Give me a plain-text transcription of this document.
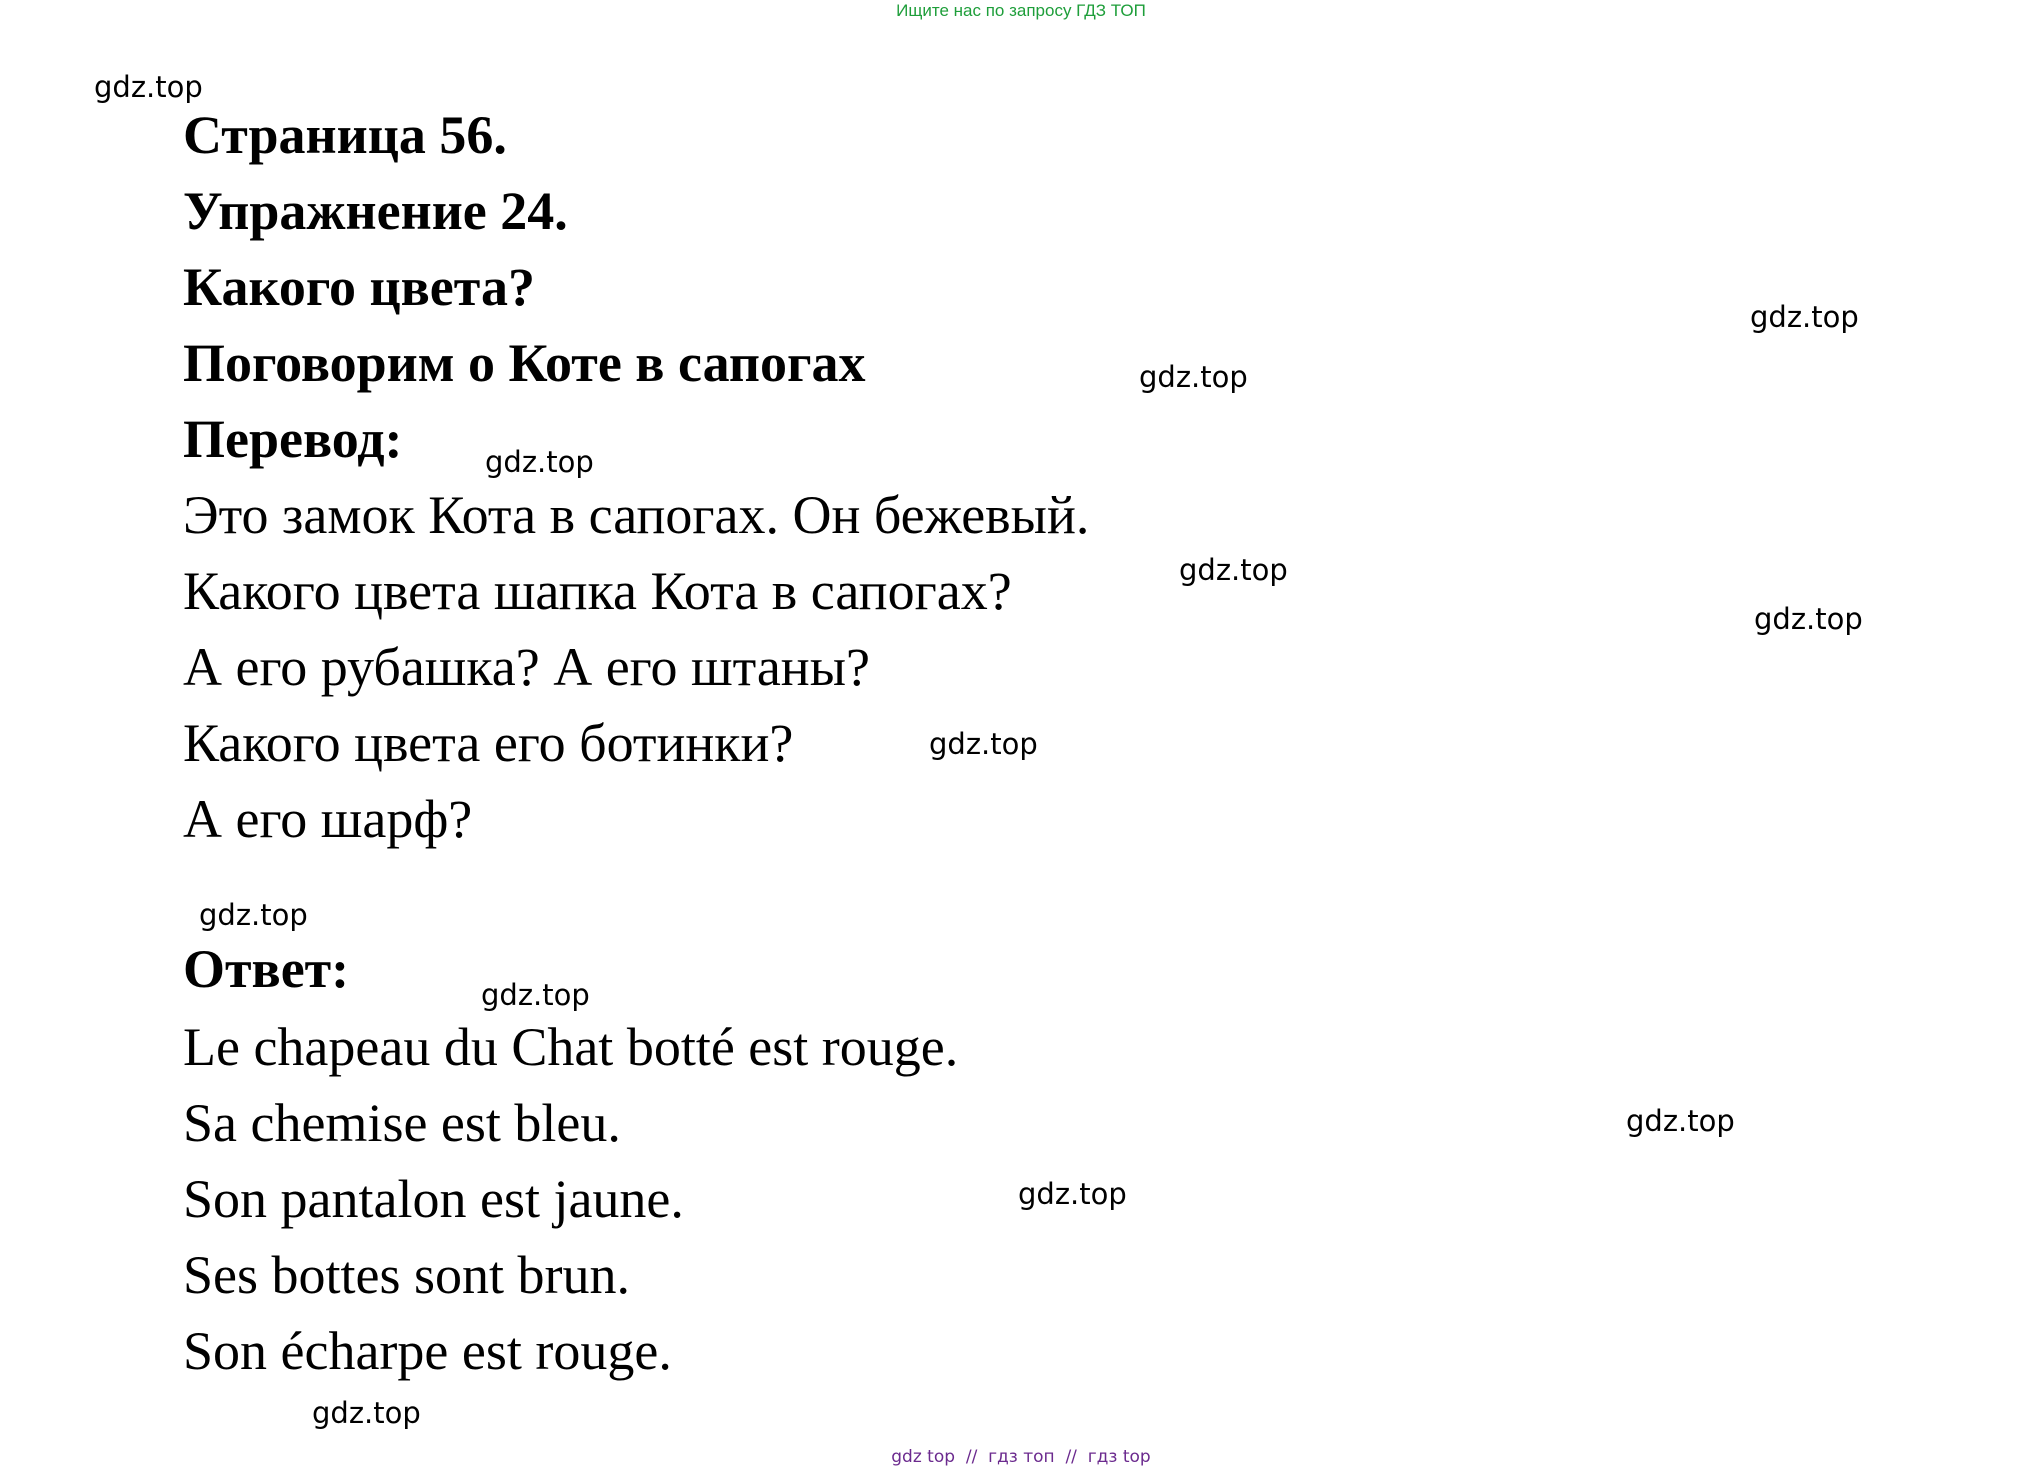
Ищите нас по запросу ГДЗ ТОП
gdz.top
gdz.top
gdz.top
gdz.top
gdz.top
gdz.top
gdz.top
gdz.top
gdz.top
gdz.top
gdz.top
gdz.top
Страница 56.
Упражнение 24.
Какого цвета?
Поговорим о Коте в сапогах
Перевод:
Это замок Кота в сапогах. Он бежевый.
Какого цвета шапка Кота в сапогах?
А его рубашка? А его штаны?
Какого цвета его ботинки?
А его шарф?
Ответ:
Le chapeau du Chat botté est rouge.
Sa chemise est bleu.
Son pantalon est jaune.
Ses bottes sont brun.
Son écharpe est rouge.
gdz top  //  гдз топ  //  гдз top
